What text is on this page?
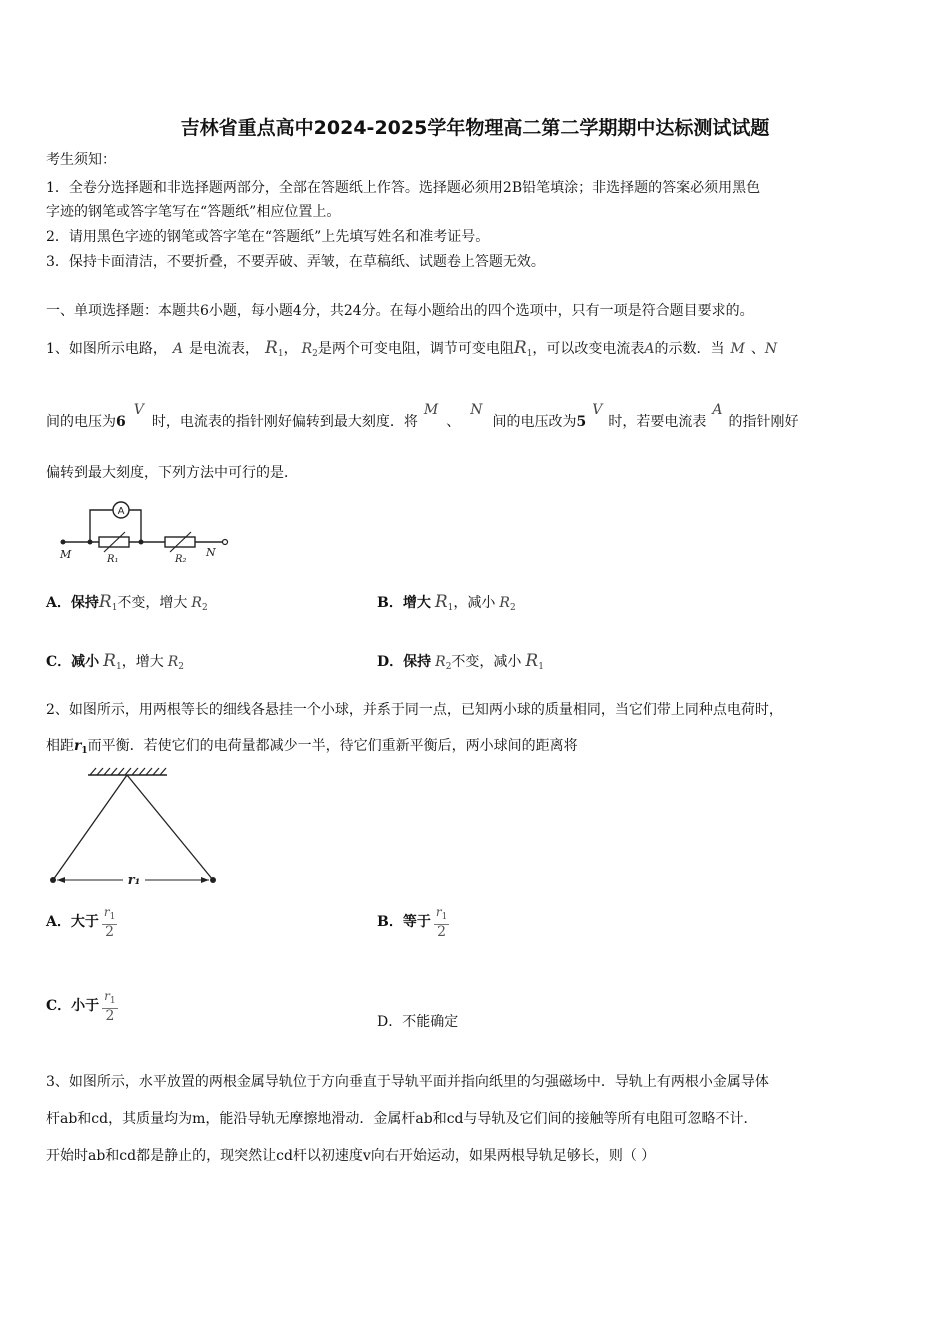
吉林省重点高中2024-2025学年物理高二第二学期期中达标测试试题
考生须知：
1．全卷分选择题和非选择题两部分，全部在答题纸上作答。选择题必须用2B铅笔填涂；非选择题的答案必须用黑色
字迹的钢笔或答字笔写在“答题纸”相应位置上。
2．请用黑色字迹的钢笔或答字笔在“答题纸”上先填写姓名和准考证号。
3．保持卡面清洁，不要折叠，不要弄破、弄皱，在草稿纸、试题卷上答题无效。
一、单项选择题：本题共6小题，每小题4分，共24分。在每小题给出的四个选项中，只有一项是符合题目要求的。
1、如图所示电路， A 是电流表， $R_1$， $R_2$是两个可变电阻，调节可变电阻$R_1$，可以改变电流表A的示数．当 M 、N
间的电压为6V时，电流表的指针刚好偏转到最大刻度．将M、N间的电压改为5V时，若要电流表A的指针刚好
偏转到最大刻度，下列方法中可行的是．
A
M	N
R₁	R₂
A．保持$R_1$不变，增大 $R_2$	B．增大 $R_1$，减小 $R_2$
C．减小 $R_1$，增大 $R_2$	D．保持 $R_2$不变，减小 $R_1$
2、如图所示，用两根等长的细线各悬挂一个小球，并系于同一点，已知两小球的质量相同，当它们带上同种点电荷时，
相距$r_1$而平衡．若使它们的电荷量都减少一半，待它们重新平衡后，两小球间的距离将
r₁
A．大于 $\frac{r_1}{2}$	B．等于 $\frac{r_1}{2}$
C．小于 $\frac{r_1}{2}$	D．不能确定
3、如图所示，水平放置的两根金属导轨位于方向垂直于导轨平面并指向纸里的匀强磁场中．导轨上有两根小金属导体
杆ab和cd，其质量均为m，能沿导轨无摩擦地滑动．金属杆ab和cd与导轨及它们间的接触等所有电阻可忽略不计．
开始时ab和cd都是静止的，现突然让cd杆以初速度v向右开始运动，如果两根导轨足够长，则（ ）
